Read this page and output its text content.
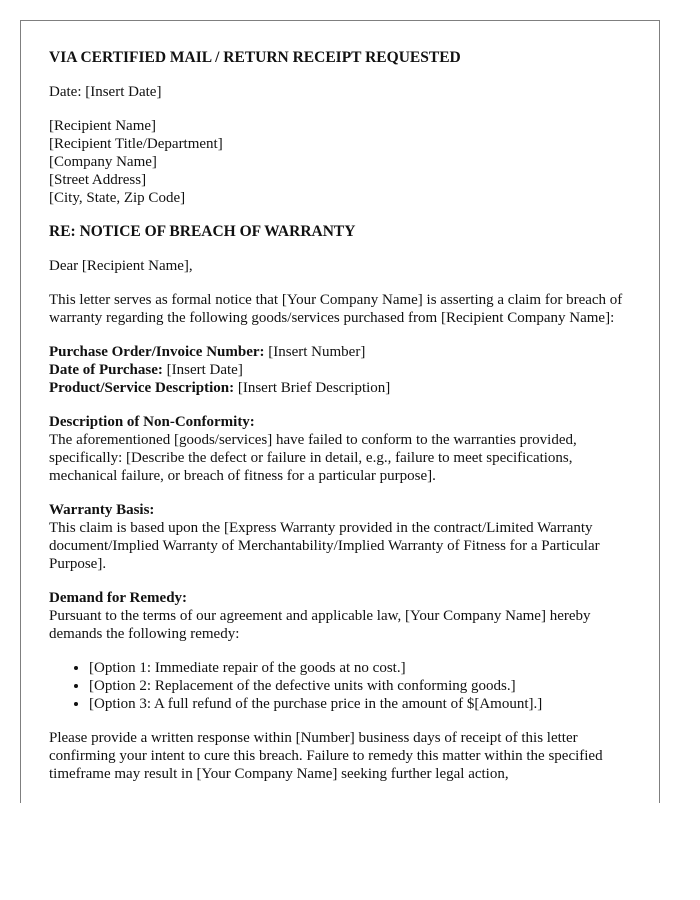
VIA CERTIFIED MAIL / RETURN RECEIPT REQUESTED

Date: [Insert Date]

[Recipient Name]
[Recipient Title/Department]
[Company Name]
[Street Address]
[City, State, Zip Code]

RE: NOTICE OF BREACH OF WARRANTY

Dear [Recipient Name],

This letter serves as formal notice that [Your Company Name] is asserting a claim for breach of warranty regarding the following goods/services purchased from [Recipient Company Name]:

Purchase Order/Invoice Number: [Insert Number]
Date of Purchase: [Insert Date]
Product/Service Description: [Insert Brief Description]
Description of Non-Conformity:
The aforementioned [goods/services] have failed to conform to the warranties provided, specifically: [Describe the defect or failure in detail, e.g., failure to meet specifications, mechanical failure, or breach of fitness for a particular purpose].
Warranty Basis:
This claim is based upon the [Express Warranty provided in the contract/Limited Warranty document/Implied Warranty of Merchantability/Implied Warranty of Fitness for a Particular Purpose].
Demand for Remedy:
Pursuant to the terms of our agreement and applicable law, [Your Company Name] hereby demands the following remedy:
• [Option 1: Immediate repair of the goods at no cost.]
• [Option 2: Replacement of the defective units with conforming goods.]
• [Option 3: A full refund of the purchase price in the amount of $[Amount].]

Please provide a written response within [Number] business days of receipt of this letter confirming your intent to cure this breach. Failure to remedy this matter within the specified timeframe may result in [Your Company Name] seeking further legal action,
